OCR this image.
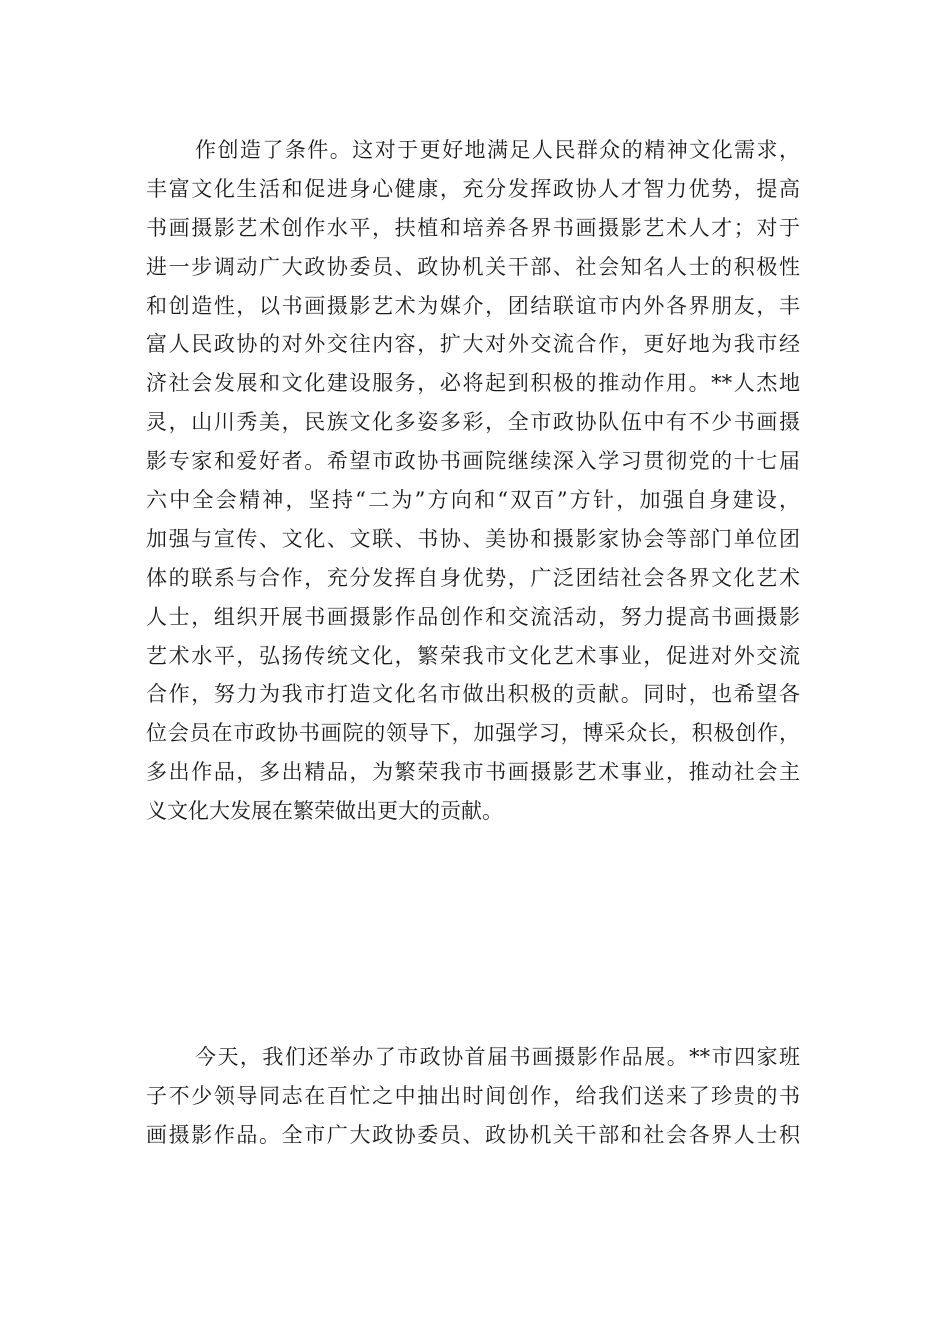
作创造了条件。这对于更好地满足人民群众的精神文化需求，
丰富文化生活和促进身心健康，充分发挥政协人才智力优势，提高
书画摄影艺术创作水平，扶植和培养各界书画摄影艺术人才；对于
进一步调动广大政协委员、政协机关干部、社会知名人士的积极性
和创造性，以书画摄影艺术为媒介，团结联谊市内外各界朋友，丰
富人民政协的对外交往内容，扩大对外交流合作，更好地为我市经
济社会发展和文化建设服务，必将起到积极的推动作用。**人杰地
灵，山川秀美，民族文化多姿多彩，全市政协队伍中有不少书画摄
影专家和爱好者。希望市政协书画院继续深入学习贯彻党的十七届
六中全会精神，坚持“二为”方向和“双百”方针，加强自身建设，
加强与宣传、文化、文联、书协、美协和摄影家协会等部门单位团
体的联系与合作，充分发挥自身优势，广泛团结社会各界文化艺术
人士，组织开展书画摄影作品创作和交流活动，努力提高书画摄影
艺术水平，弘扬传统文化，繁荣我市文化艺术事业，促进对外交流
合作，努力为我市打造文化名市做出积极的贡献。同时，也希望各
位会员在市政协书画院的领导下，加强学习，博采众长，积极创作，
多出作品，多出精品，为繁荣我市书画摄影艺术事业，推动社会主
义文化大发展在繁荣做出更大的贡献。
今天，我们还举办了市政协首届书画摄影作品展。**市四家班
子不少领导同志在百忙之中抽出时间创作，给我们送来了珍贵的书
画摄影作品。全市广大政协委员、政协机关干部和社会各界人士积
